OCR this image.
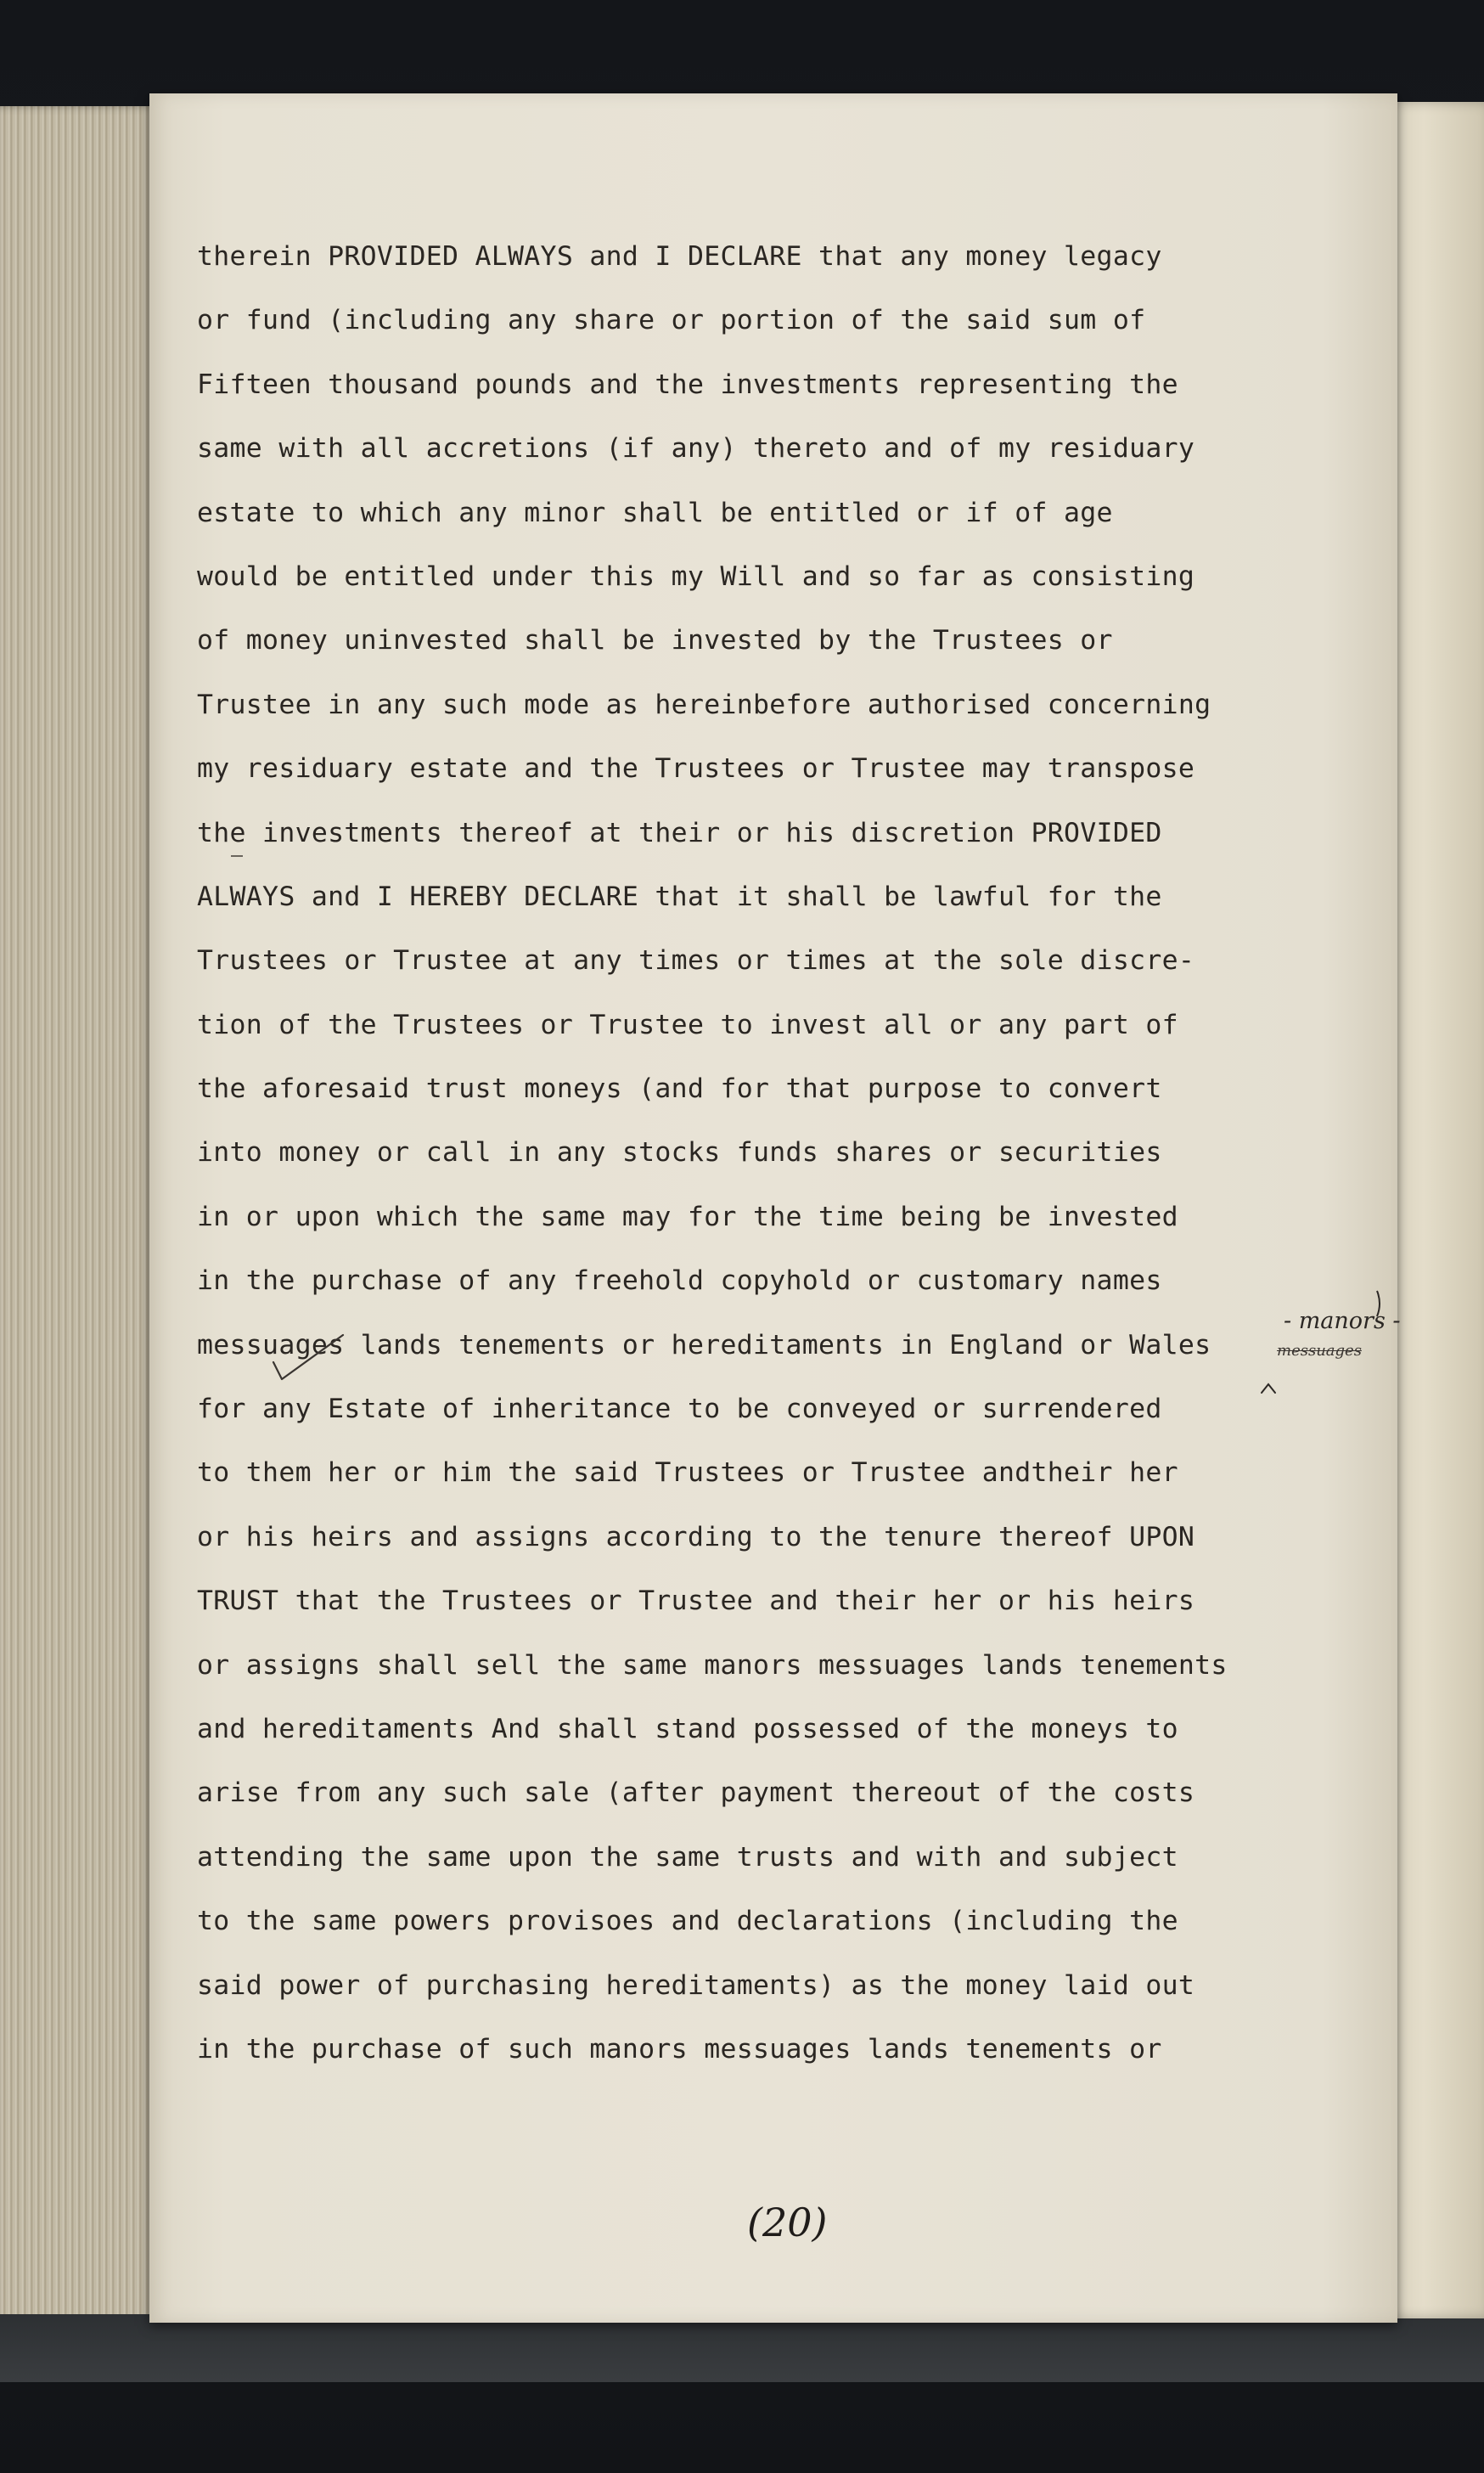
therein PROVIDED ALWAYS and I DECLARE that any money legacy
or fund (including any share or portion of the said sum of
Fifteen thousand pounds and the investments representing the
same with all accretions (if any) thereto and of my residuary
estate to which any minor shall be entitled or if of age
would be entitled under this my Will and so far as consisting
of money uninvested shall be invested by the Trustees or
Trustee in any such mode as hereinbefore authorised concerning
my residuary estate and the Trustees or Trustee may transpose
the investments thereof at their or his discretion PROVIDED
ALWAYS and I HEREBY DECLARE that it shall be lawful for the
Trustees or Trustee at any times or times at the sole discre-
tion of the Trustees or Trustee to invest all or any part of
the aforesaid trust moneys (and for that purpose to convert
into money or call in any stocks funds shares or securities
in or upon which the same may for the time being be invested
in the purchase of any freehold copyhold or customary names
messuages lands tenements or hereditaments in England or Wales
for any Estate of inheritance to be conveyed or surrendered
to them her or him the said Trustees or Trustee andtheir her
or his heirs and assigns according to the tenure thereof UPON
TRUST that the Trustees or Trustee and their her or his heirs
or assigns shall sell the same manors messuages lands tenements
and hereditaments And shall stand possessed of the moneys to
arise from any such sale (after payment thereout of the costs
attending the same upon the same trusts and with and subject
to the same powers provisoes and declarations (including the
said power of purchasing hereditaments) as the money laid out
in the purchase of such manors messuages lands tenements or
- manors -
messuages
(20)
